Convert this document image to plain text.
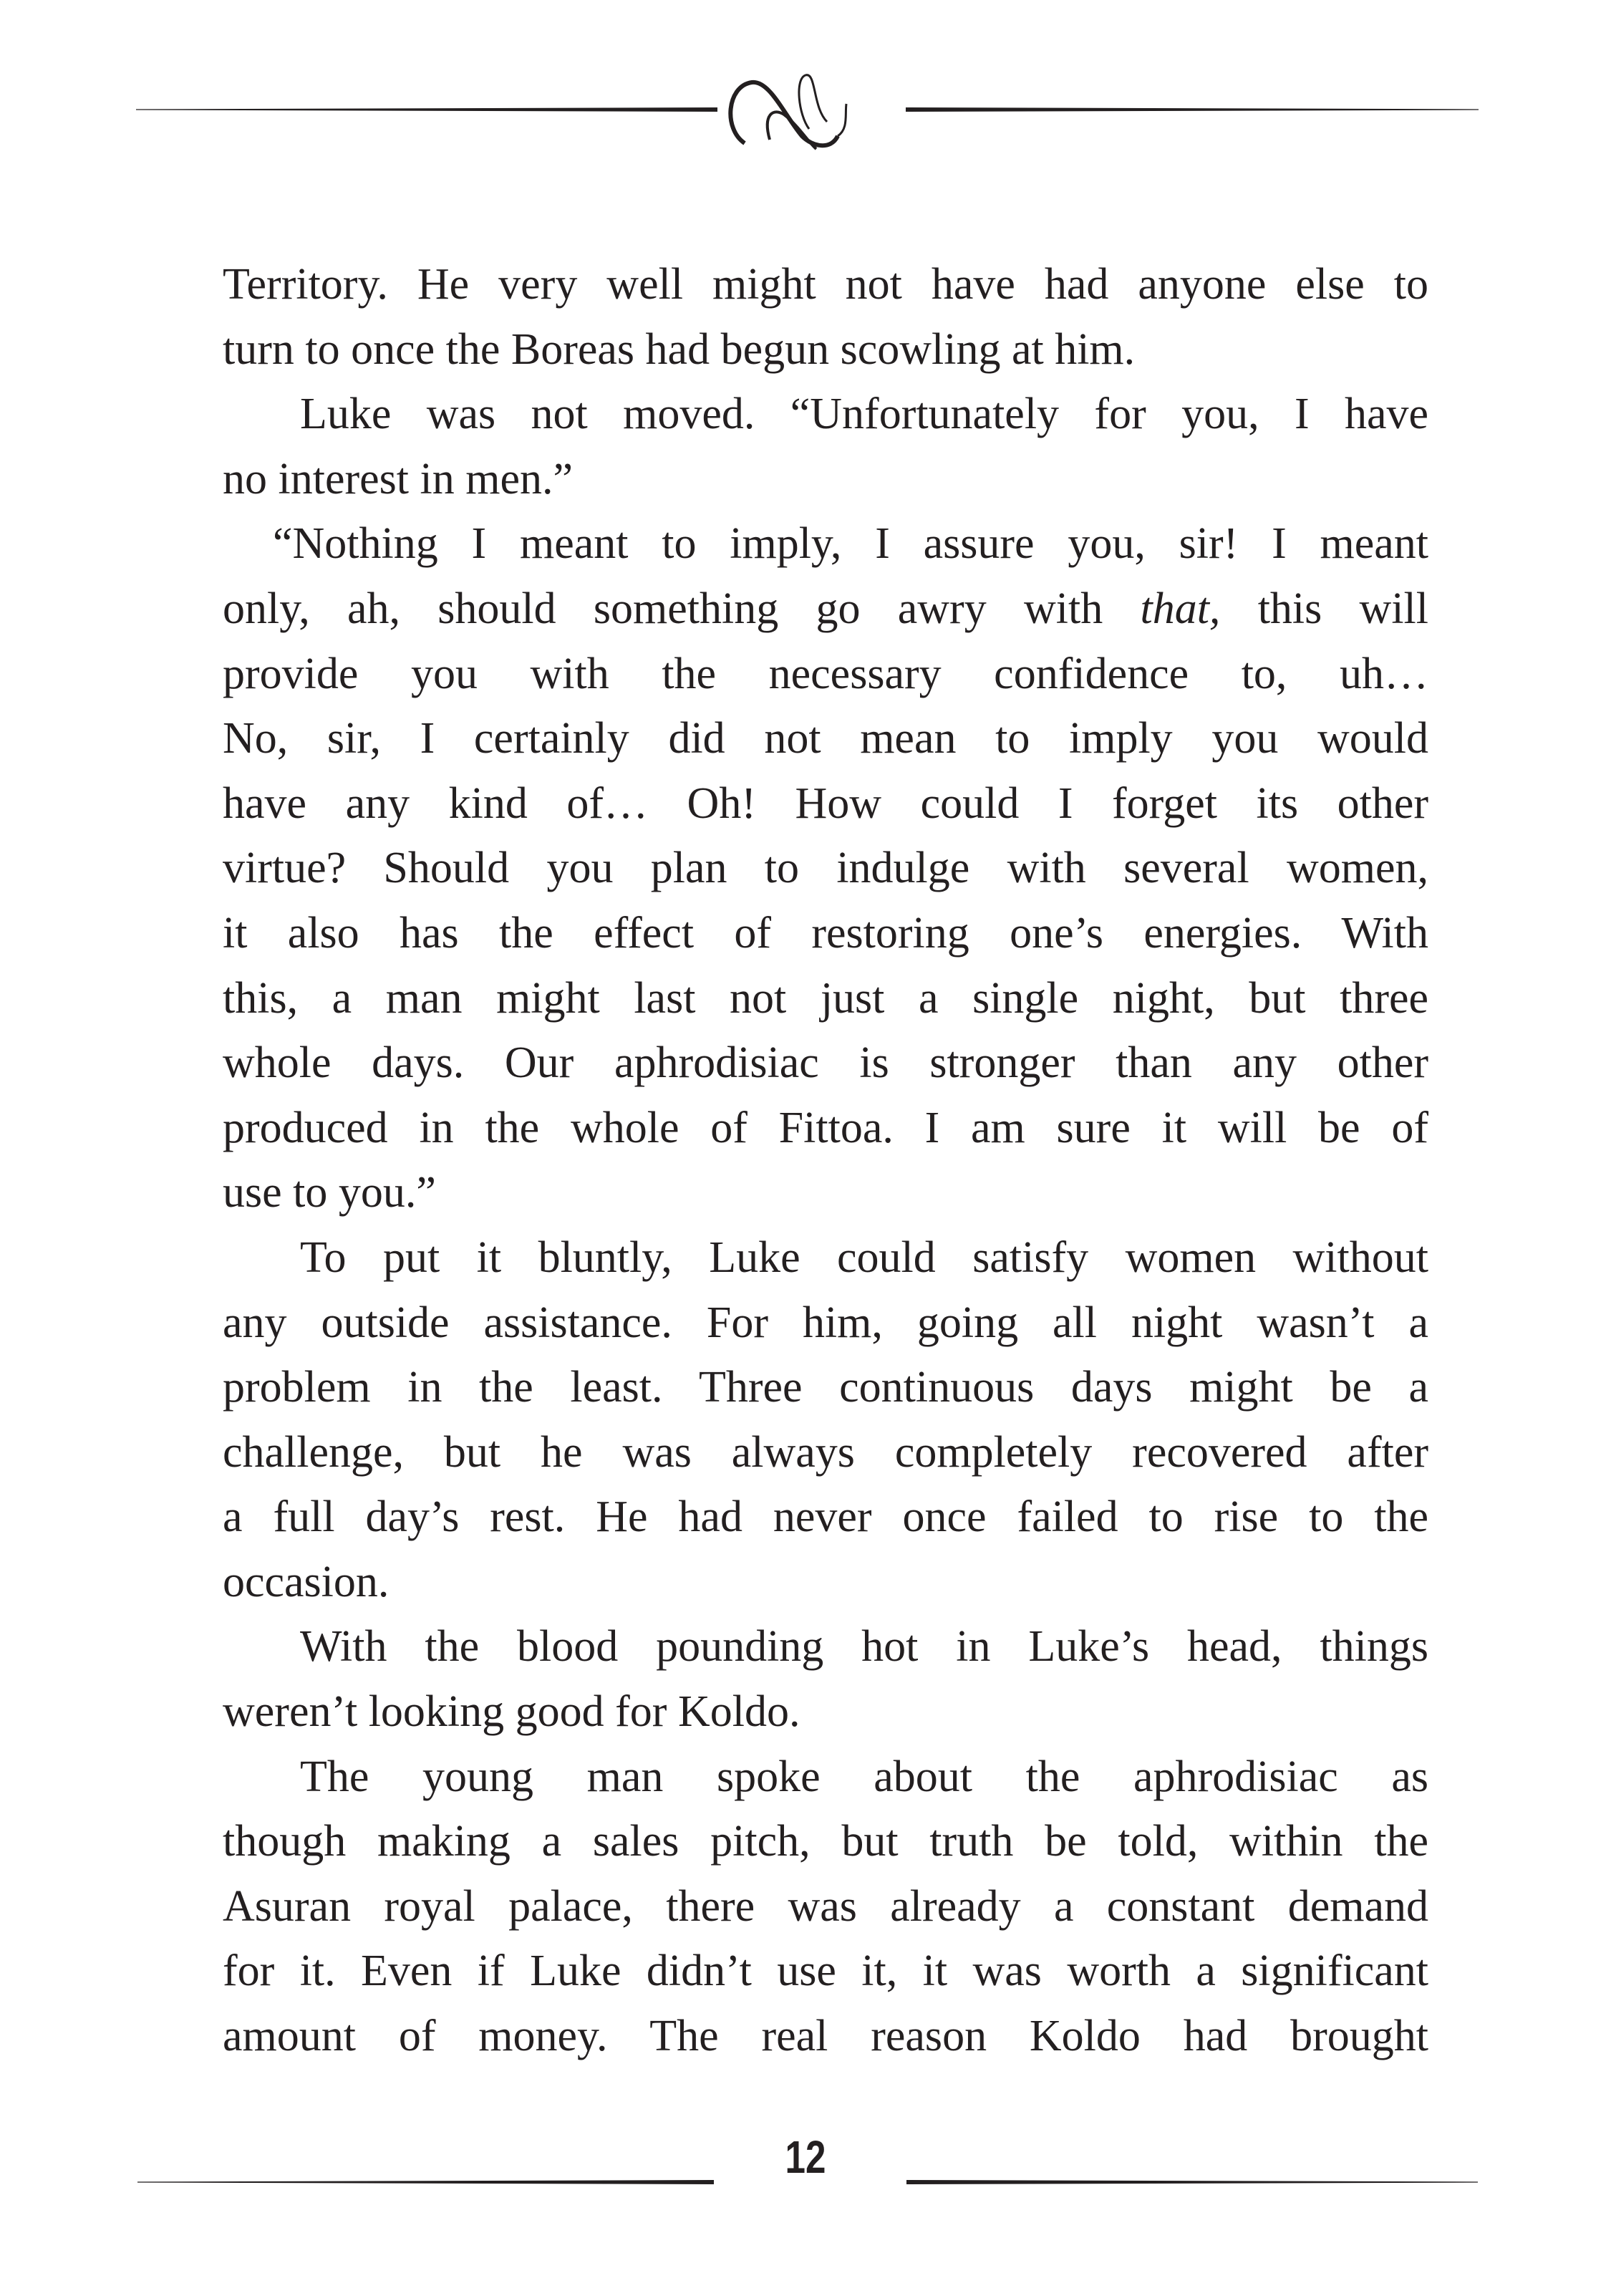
Territory. He very well might not have had anyone else to
turn to once the Boreas had begun scowling at him.
Luke was not moved. “Unfortunately for you, I have
no interest in men.”
“Nothing I meant to imply, I assure you, sir! I meant
only, ah, should something go awry with that, this will
provide you with the necessary confidence to, uh…
No, sir, I certainly did not mean to imply you would
have any kind of… Oh! How could I forget its other
virtue? Should you plan to indulge with several women,
it also has the effect of restoring one’s energies. With
this, a man might last not just a single night, but three
whole days. Our aphrodisiac is stronger than any other
produced in the whole of Fittoa. I am sure it will be of
use to you.”
To put it bluntly, Luke could satisfy women without
any outside assistance. For him, going all night wasn’t a
problem in the least. Three continuous days might be a
challenge, but he was always completely recovered after
a full day’s rest. He had never once failed to rise to the
occasion.
With the blood pounding hot in Luke’s head, things
weren’t looking good for Koldo.
The young man spoke about the aphrodisiac as
though making a sales pitch, but truth be told, within the
Asuran royal palace, there was already a constant demand
for it. Even if Luke didn’t use it, it was worth a significant
amount of money. The real reason Koldo had brought
12
